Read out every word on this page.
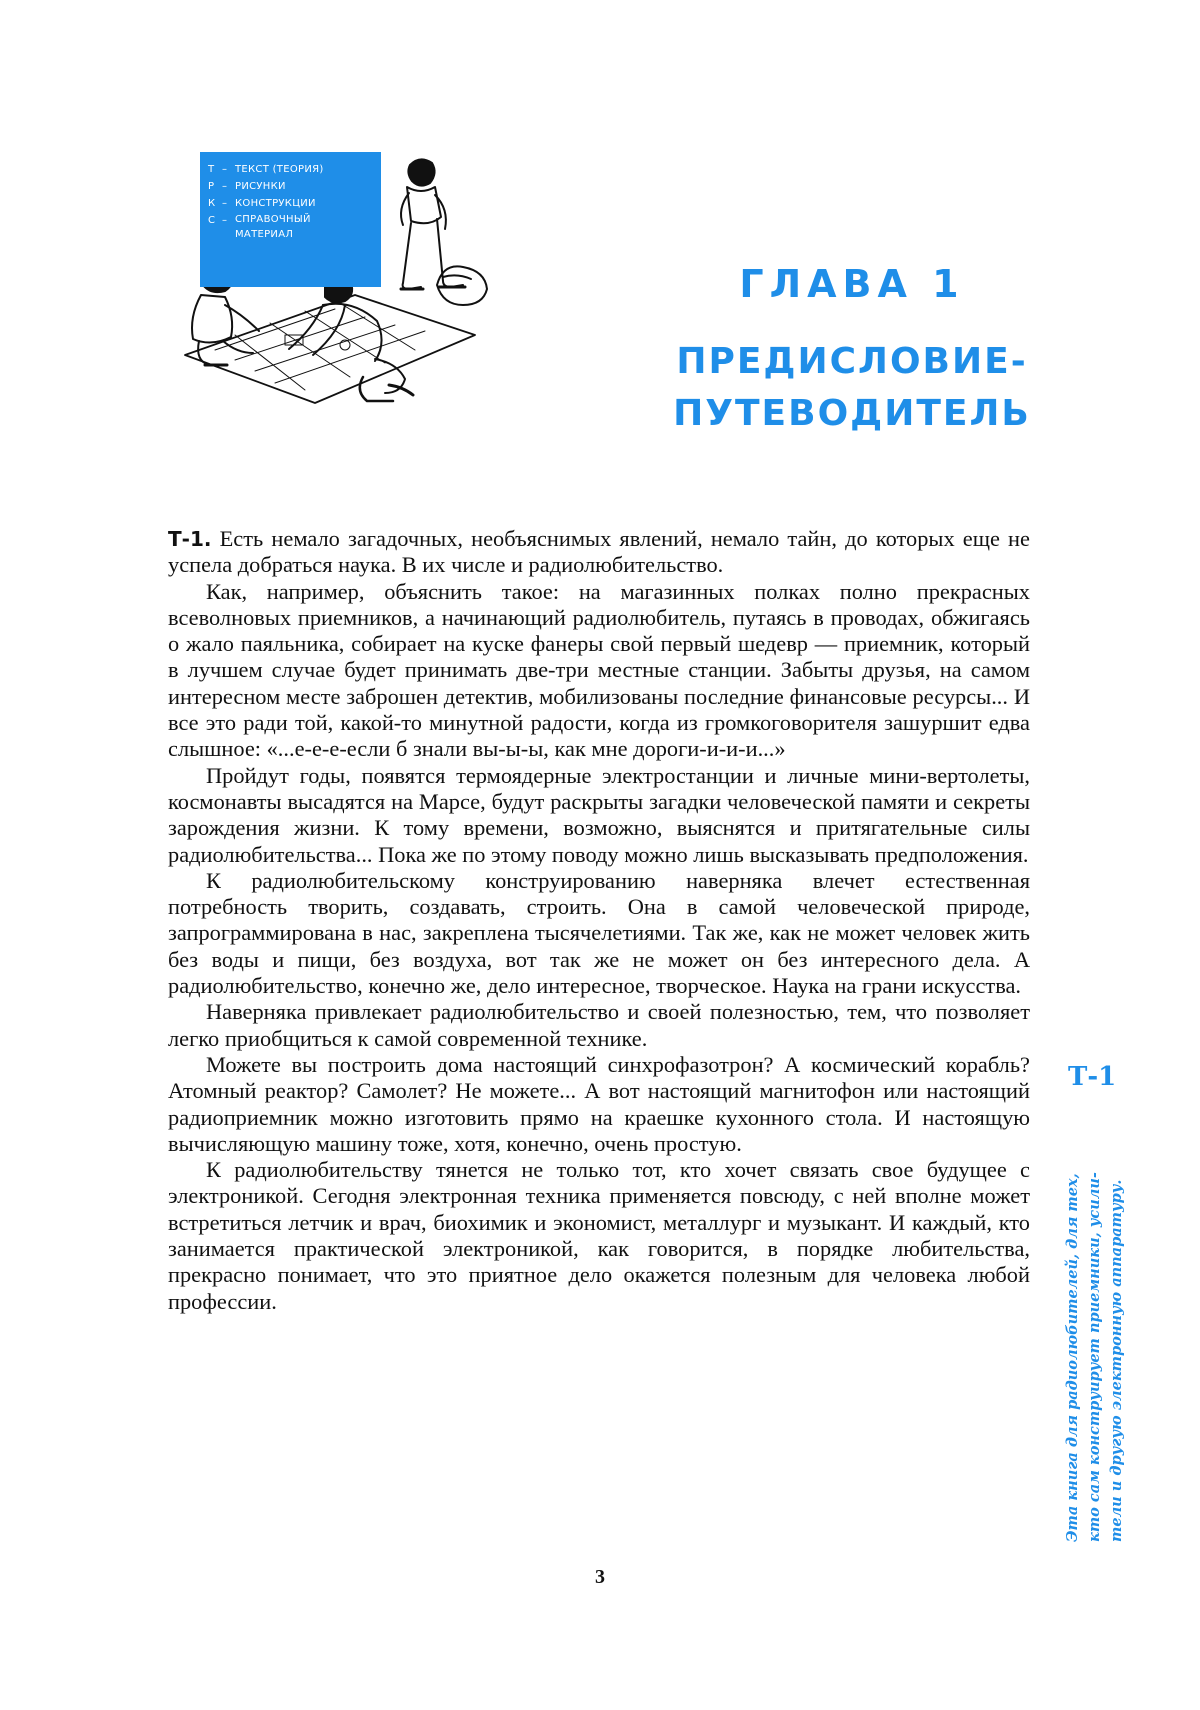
Т – ТЕКСТ (ТЕОРИЯ)
Р – РИСУНКИ
К – КОНСТРУКЦИИ
С – СПРАВОЧНЫЙ
МАТЕРИАЛ
ГЛАВА 1
ПРЕДИСЛОВИЕ-
ПУТЕВОДИТЕЛЬ

Т-1. Есть немало загадочных, необъяснимых явлений, немало тайн, до которых еще не успела добраться наука. В их числе и радиолюбительство.

Как, например, объяснить такое: на магазинных полках полно прекрасных всеволновых приемников, а начинающий радиолюбитель, путаясь в проводах, обжигаясь о жало паяльника, собирает на куске фанеры свой первый шедевр — приемник, который в лучшем случае будет принимать две-три местные станции. Забыты друзья, на самом интересном месте заброшен детектив, мобилизованы последние финансовые ресурсы... И все это ради той, какой-то минутной радости, когда из громкоговорителя зашуршит едва слышное: «...е-е-е-если б знали вы-ы-ы, как мне дороги-и-и-и...»

Пройдут годы, появятся термоядерные электростанции и личные мини-вертолеты, космонавты высадятся на Марсе, будут раскрыты загадки человеческой памяти и секреты зарождения жизни. К тому времени, возможно, выяснятся и притягательные силы радиолюбительства... Пока же по этому поводу можно лишь высказывать предположения.

К радиолюбительскому конструированию наверняка влечет естественная потребность творить, создавать, строить. Она в самой человеческой природе, запрограммирована в нас, закреплена тысячелетиями. Так же, как не может человек жить без воды и пищи, без воздуха, вот так же не может он без интересного дела. А радиолюбительство, конечно же, дело интересное, творческое. Наука на грани искусства.

Наверняка привлекает радиолюбительство и своей полезностью, тем, что позволяет легко приобщиться к самой современной технике.

Можете вы построить дома настоящий синхрофазотрон? А космический корабль? Атомный реактор? Самолет? Не можете... А вот настоящий магнитофон или настоящий радиоприемник можно изготовить прямо на краешке кухонного стола. И настоящую вычисляющую машину тоже, хотя, конечно, очень простую.

К радиолюбительству тянется не только тот, кто хочет связать свое будущее с электроникой. Сегодня электронная техника применяется повсюду, с ней вполне может встретиться летчик и врач, биохимик и экономист, металлург и музыкант. И каждый, кто занимается практической электроникой, как говорится, в порядке любительства, прекрасно понимает, что это приятное дело окажется полезным для человека любой профессии.

Т-1
Эта книга для радиолюбителей, для тех,
кто сам конструирует приемники, усили-
тели и другую электронную аппаратуру.
3
